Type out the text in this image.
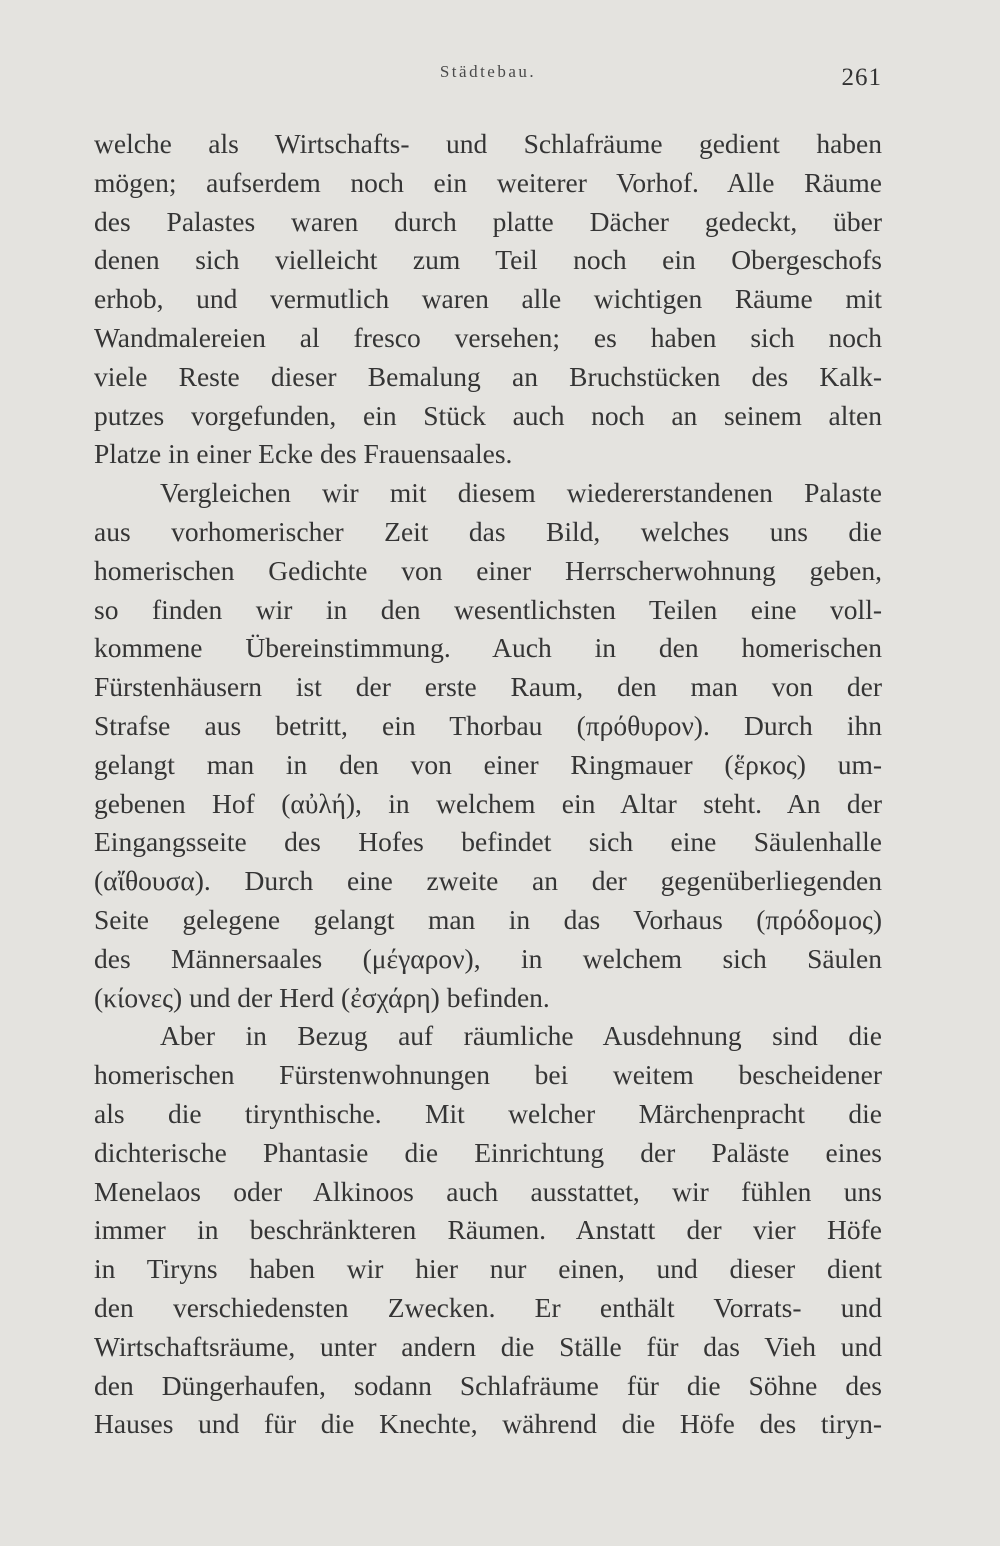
Städtebau.	261
welche als Wirtschafts- und Schlafräume gedient haben
mögen; aufserdem noch ein weiterer Vorhof. Alle Räume
des Palastes waren durch platte Dächer gedeckt, über
denen sich vielleicht zum Teil noch ein Obergeschofs
erhob, und vermutlich waren alle wichtigen Räume mit
Wandmalereien al fresco versehen; es haben sich noch
viele Reste dieser Bemalung an Bruchstücken des Kalk-
putzes vorgefunden, ein Stück auch noch an seinem alten
Platze in einer Ecke des Frauensaales.
Vergleichen wir mit diesem wiedererstandenen Palaste
aus vorhomerischer Zeit das Bild, welches uns die
homerischen Gedichte von einer Herrscherwohnung geben,
so finden wir in den wesentlichsten Teilen eine voll-
kommene Übereinstimmung. Auch in den homerischen
Fürstenhäusern ist der erste Raum, den man von der
Strafse aus betritt, ein Thorbau (πρόθυρον). Durch ihn
gelangt man in den von einer Ringmauer (ἕρκος) um-
gebenen Hof (αὐλή), in welchem ein Altar steht. An der
Eingangsseite des Hofes befindet sich eine Säulenhalle
(αἴθουσα). Durch eine zweite an der gegenüberliegenden
Seite gelegene gelangt man in das Vorhaus (πρόδομος)
des Männersaales (μέγαρον), in welchem sich Säulen
(κίονες) und der Herd (ἐσχάρη) befinden.
Aber in Bezug auf räumliche Ausdehnung sind die
homerischen Fürstenwohnungen bei weitem bescheidener
als die tirynthische. Mit welcher Märchenpracht die
dichterische Phantasie die Einrichtung der Paläste eines
Menelaos oder Alkinoos auch ausstattet, wir fühlen uns
immer in beschränkteren Räumen. Anstatt der vier Höfe
in Tiryns haben wir hier nur einen, und dieser dient
den verschiedensten Zwecken. Er enthält Vorrats- und
Wirtschaftsräume, unter andern die Ställe für das Vieh und
den Düngerhaufen, sodann Schlafräume für die Söhne des
Hauses und für die Knechte, während die Höfe des tiryn-
